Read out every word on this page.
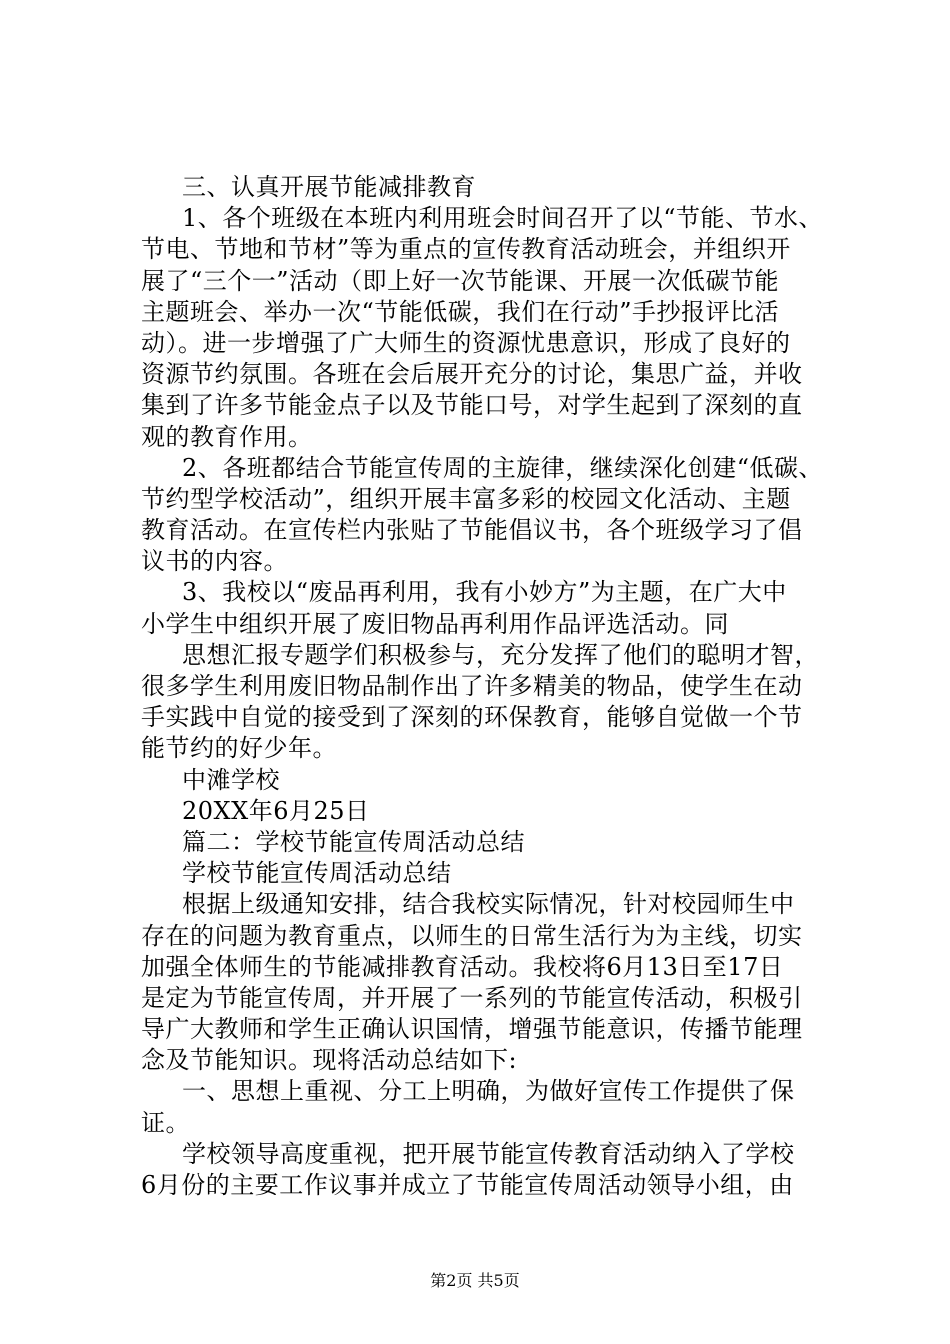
三、认真开展节能减排教育
1、各个班级在本班内利用班会时间召开了以“节能、节水、
节电、节地和节材”等为重点的宣传教育活动班会，并组织开
展了“三个一”活动（即上好一次节能课、开展一次低碳节能
主题班会、举办一次“节能低碳，我们在行动”手抄报评比活
动）。进一步增强了广大师生的资源忧患意识，形成了良好的
资源节约氛围。各班在会后展开充分的讨论，集思广益，并收
集到了许多节能金点子以及节能口号，对学生起到了深刻的直
观的教育作用。
2、各班都结合节能宣传周的主旋律，继续深化创建“低碳、
节约型学校活动”，组织开展丰富多彩的校园文化活动、主题
教育活动。在宣传栏内张贴了节能倡议书，各个班级学习了倡
议书的内容。
3、我校以“废品再利用，我有小妙方”为主题，在广大中
小学生中组织开展了废旧物品再利用作品评选活动。同
思想汇报专题学们积极参与，充分发挥了他们的聪明才智，
很多学生利用废旧物品制作出了许多精美的物品，使学生在动
手实践中自觉的接受到了深刻的环保教育，能够自觉做一个节
能节约的好少年。
中滩学校
20XX年6月25日
篇二：学校节能宣传周活动总结
学校节能宣传周活动总结
根据上级通知安排，结合我校实际情况，针对校园师生中
存在的问题为教育重点，以师生的日常生活行为为主线，切实
加强全体师生的节能减排教育活动。我校将6月13日至17日
是定为节能宣传周，并开展了一系列的节能宣传活动，积极引
导广大教师和学生正确认识国情，增强节能意识，传播节能理
念及节能知识。现将活动总结如下:
一、思想上重视、分工上明确，为做好宣传工作提供了保
证。
学校领导高度重视，把开展节能宣传教育活动纳入了学校
6月份的主要工作议事并成立了节能宣传周活动领导小组，由
第2页 共5页
